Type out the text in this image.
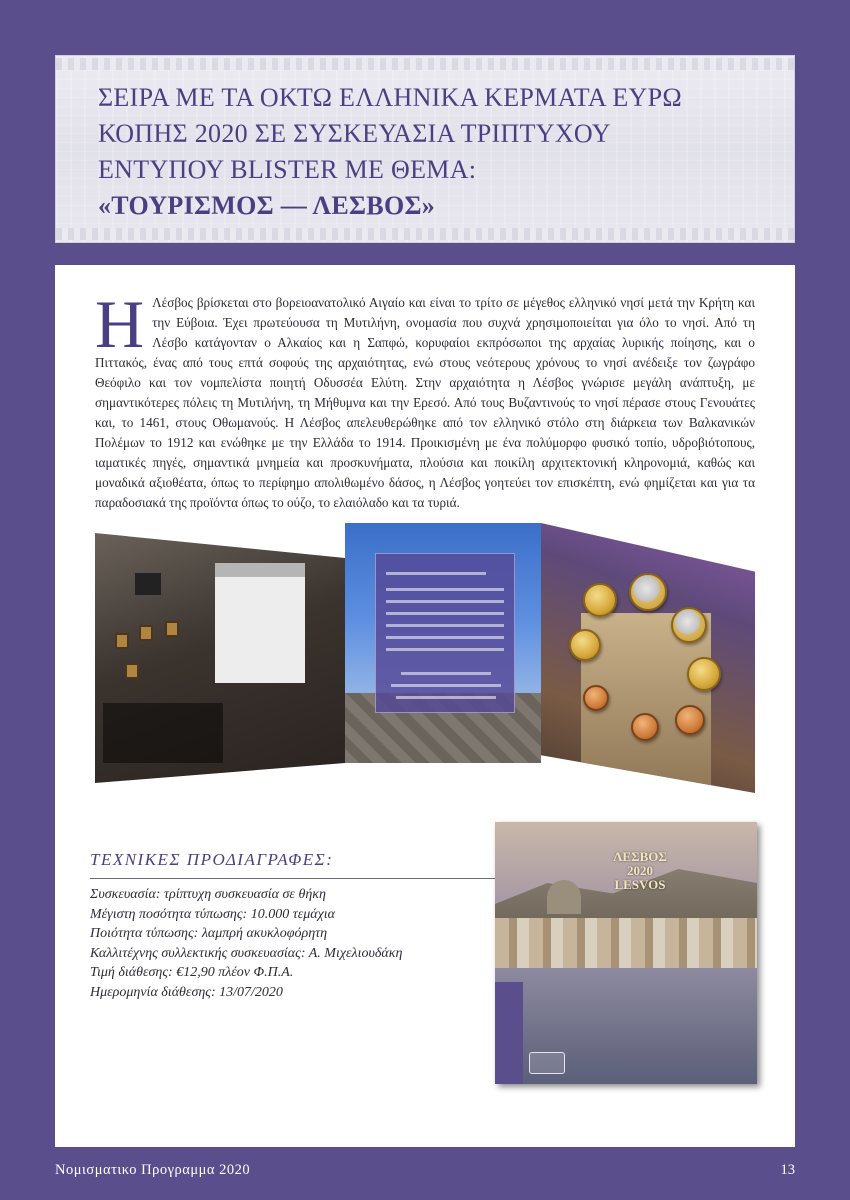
ΣΕΙΡΑ ΜΕ ΤΑ ΟΚΤΩ ΕΛΛΗΝΙΚΑ ΚΕΡΜΑΤΑ ΕΥΡΩ
ΚΟΠΗΣ 2020 ΣΕ ΣΥΣΚΕΥΑΣΙΑ ΤΡΙΠΤΥΧΟΥ
ΕΝΤΥΠΟΥ BLISTER ΜΕ ΘΕΜΑ:
«ΤΟΥΡΙΣΜΟΣ — ΛΕΣΒΟΣ»

Η Λέσβος βρίσκεται στο βορειοανατολικό Αιγαίο και είναι το τρίτο σε μέγεθος ελληνικό νησί μετά την Κρήτη και την Εύβοια. Έχει πρωτεύουσα τη Μυτιλήνη, ονομασία που συχνά χρησιμοποιείται για όλο το νησί. Από τη Λέσβο κατάγονταν ο Αλκαίος και η Σαπφώ, κορυφαίοι εκπρόσωποι της αρχαίας λυρικής ποίησης, και ο Πιττακός, ένας από τους επτά σοφούς της αρχαιότητας, ενώ στους νεότερους χρόνους το νησί ανέδειξε τον ζωγράφο Θεόφιλο και τον νομπελίστα ποιητή Οδυσσέα Ελύτη. Στην αρχαιότητα η Λέσβος γνώρισε μεγάλη ανάπτυξη, με σημαντικότερες πόλεις τη Μυτιλήνη, τη Μήθυμνα και την Ερεσό. Από τους Βυζαντινούς το νησί πέρασε στους Γενουάτες και, το 1461, στους Οθωμανούς. Η Λέσβος απελευθερώθηκε από τον ελληνικό στόλο στη διάρκεια των Βαλκανικών Πολέμων το 1912 και ενώθηκε με την Ελλάδα το 1914. Προικισμένη με ένα πολύμορφο φυσικό τοπίο, υδροβιότοπους, ιαματικές πηγές, σημαντικά μνημεία και προσκυνήματα, πλούσια και ποικίλη αρχιτεκτονική κληρονομιά, καθώς και μοναδικά αξιοθέατα, όπως το περίφημο απολιθωμένο δάσος, η Λέσβος γοητεύει τον επισκέπτη, ενώ φημίζεται και για τα παραδοσιακά της προϊόντα όπως το ούζο, το ελαιόλαδο και τα τυριά.

ΤΕΧΝΙΚΕΣ ΠΡΟΔΙΑΓΡΑΦΕΣ:
Συσκευασία: τρίπτυχη συσκευασία σε θήκη
Μέγιστη ποσότητα τύπωσης: 10.000 τεμάχια
Ποιότητα τύπωσης: λαμπρή ακυκλοφόρητη
Καλλιτέχνης συλλεκτικής συσκευασίας: Α. Μιχελιουδάκη
Τιμή διάθεσης: €12,90 πλέον Φ.Π.Α.
Ημερομηνία διάθεσης: 13/07/2020
ΛΕΣΒΟΣ
2020
LESVOS
Νομισματικο Προγραμμα 2020	13
